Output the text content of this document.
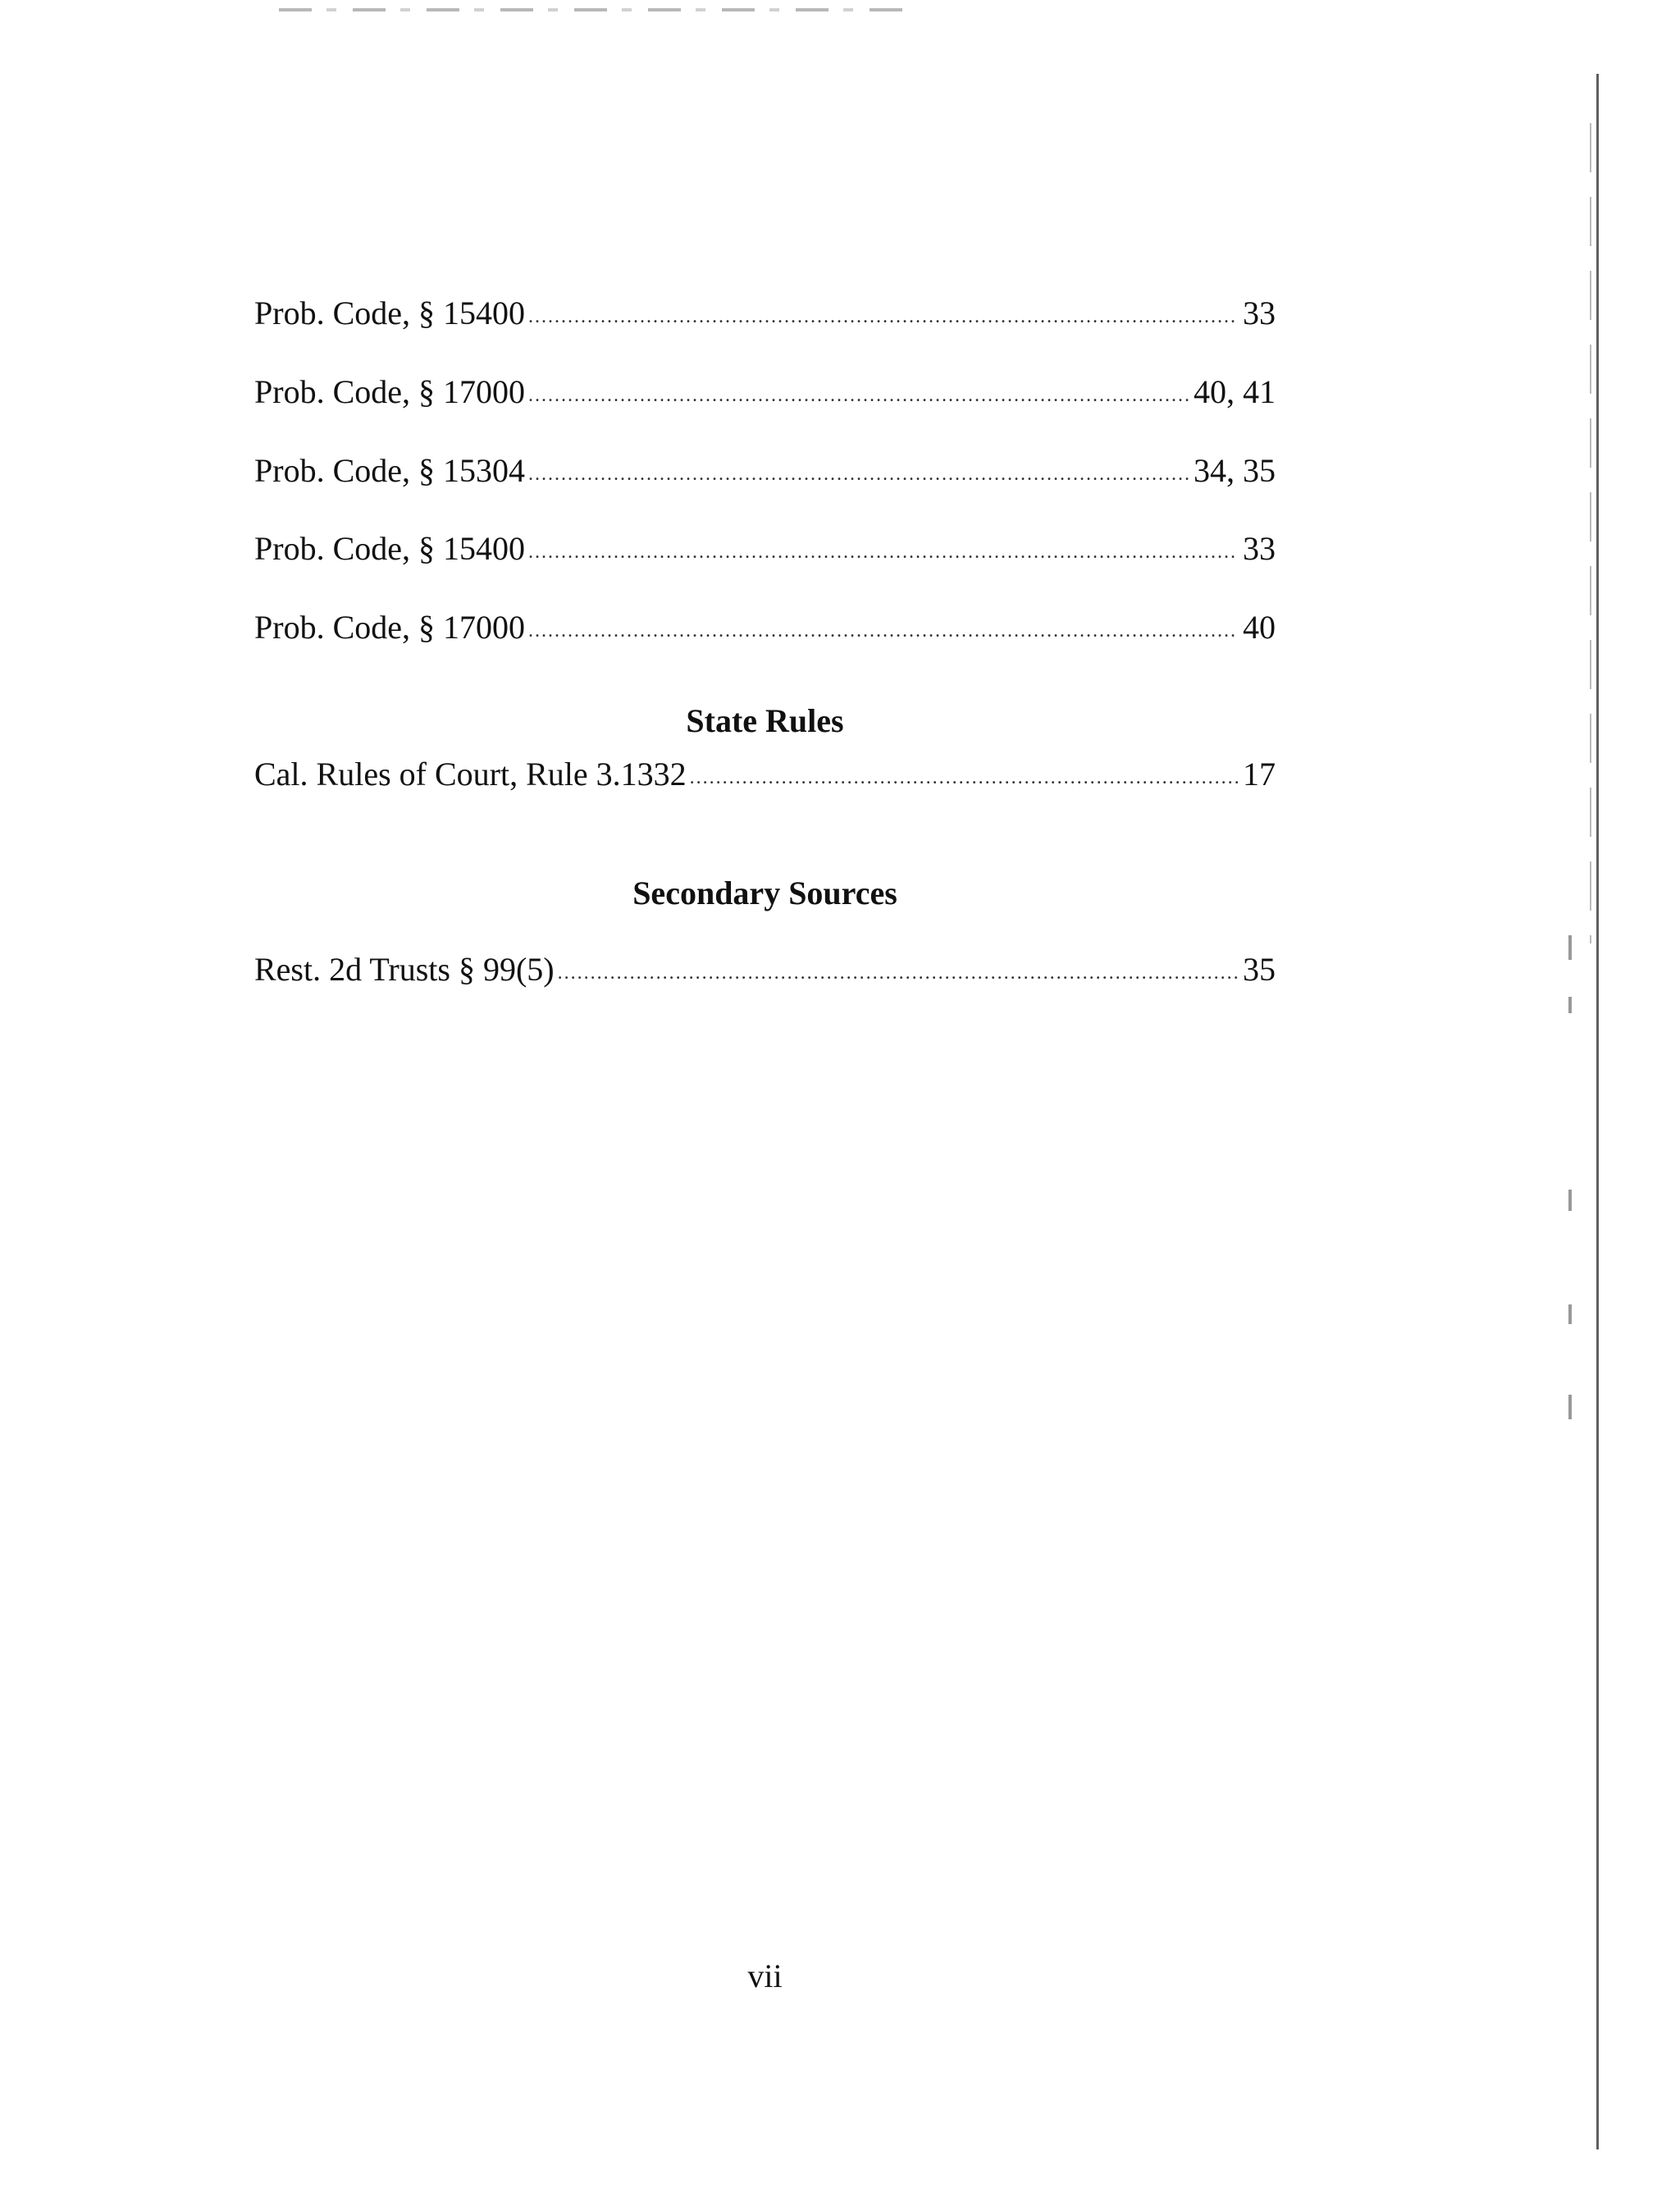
Prob. Code, § 15400 .....	33
Prob. Code, § 17000 .....	40, 41
Prob. Code, § 15304 .....	34, 35
Prob. Code, § 15400 .....	33
Prob. Code, § 17000 .....	40
State Rules
Cal. Rules of Court, Rule 3.1332 .....	17
Secondary Sources
Rest. 2d Trusts § 99(5) .....	35
vii
